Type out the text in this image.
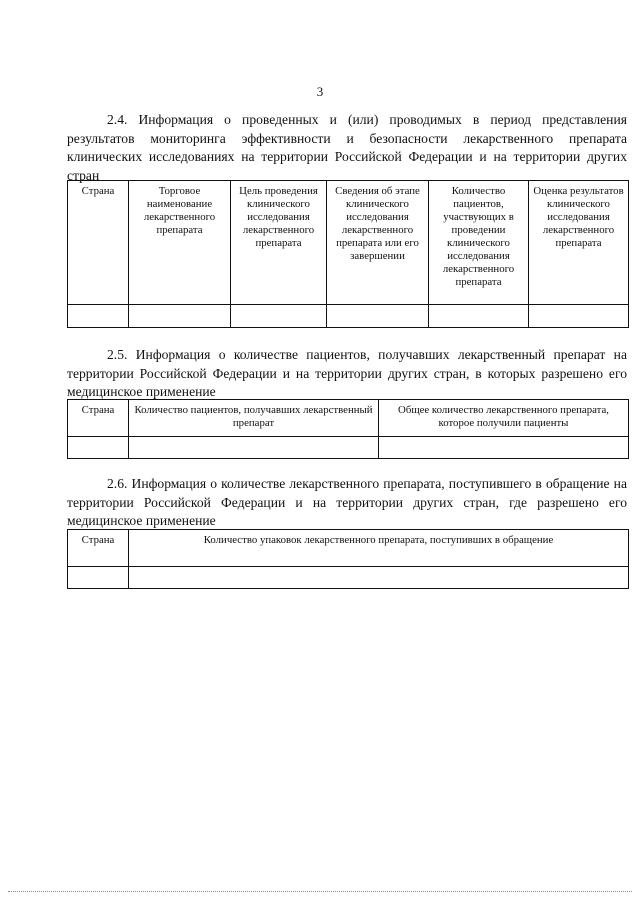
3

2.4. Информация о проведенных и (или) проводимых в период представления результатов мониторинга эффективности и безопасности лекарственного препарата клинических исследованиях на территории Российской Федерации и на территории других стран

Страна	Торговое наименование лекарственного препарата	Цель проведения клинического исследования лекарственного препарата	Сведения об этапе клинического исследования лекарственного препарата или его завершении	Количество пациентов, участвующих в проведении клинического исследования лекарственного препарата	Оценка результатов клинического исследования лекарственного препарата

2.5. Информация о количестве пациентов, получавших лекарственный препарат на территории Российской Федерации и на территории других стран, в которых разрешено его медицинское применение

Страна	Количество пациентов, получавших лекарственный препарат	Общее количество лекарственного препарата, которое получили пациенты

2.6. Информация о количестве лекарственного препарата, поступившего в обращение на территории Российской Федерации и на территории других стран, где разрешено его медицинское применение

Страна	Количество упаковок лекарственного препарата, поступивших в обращение
